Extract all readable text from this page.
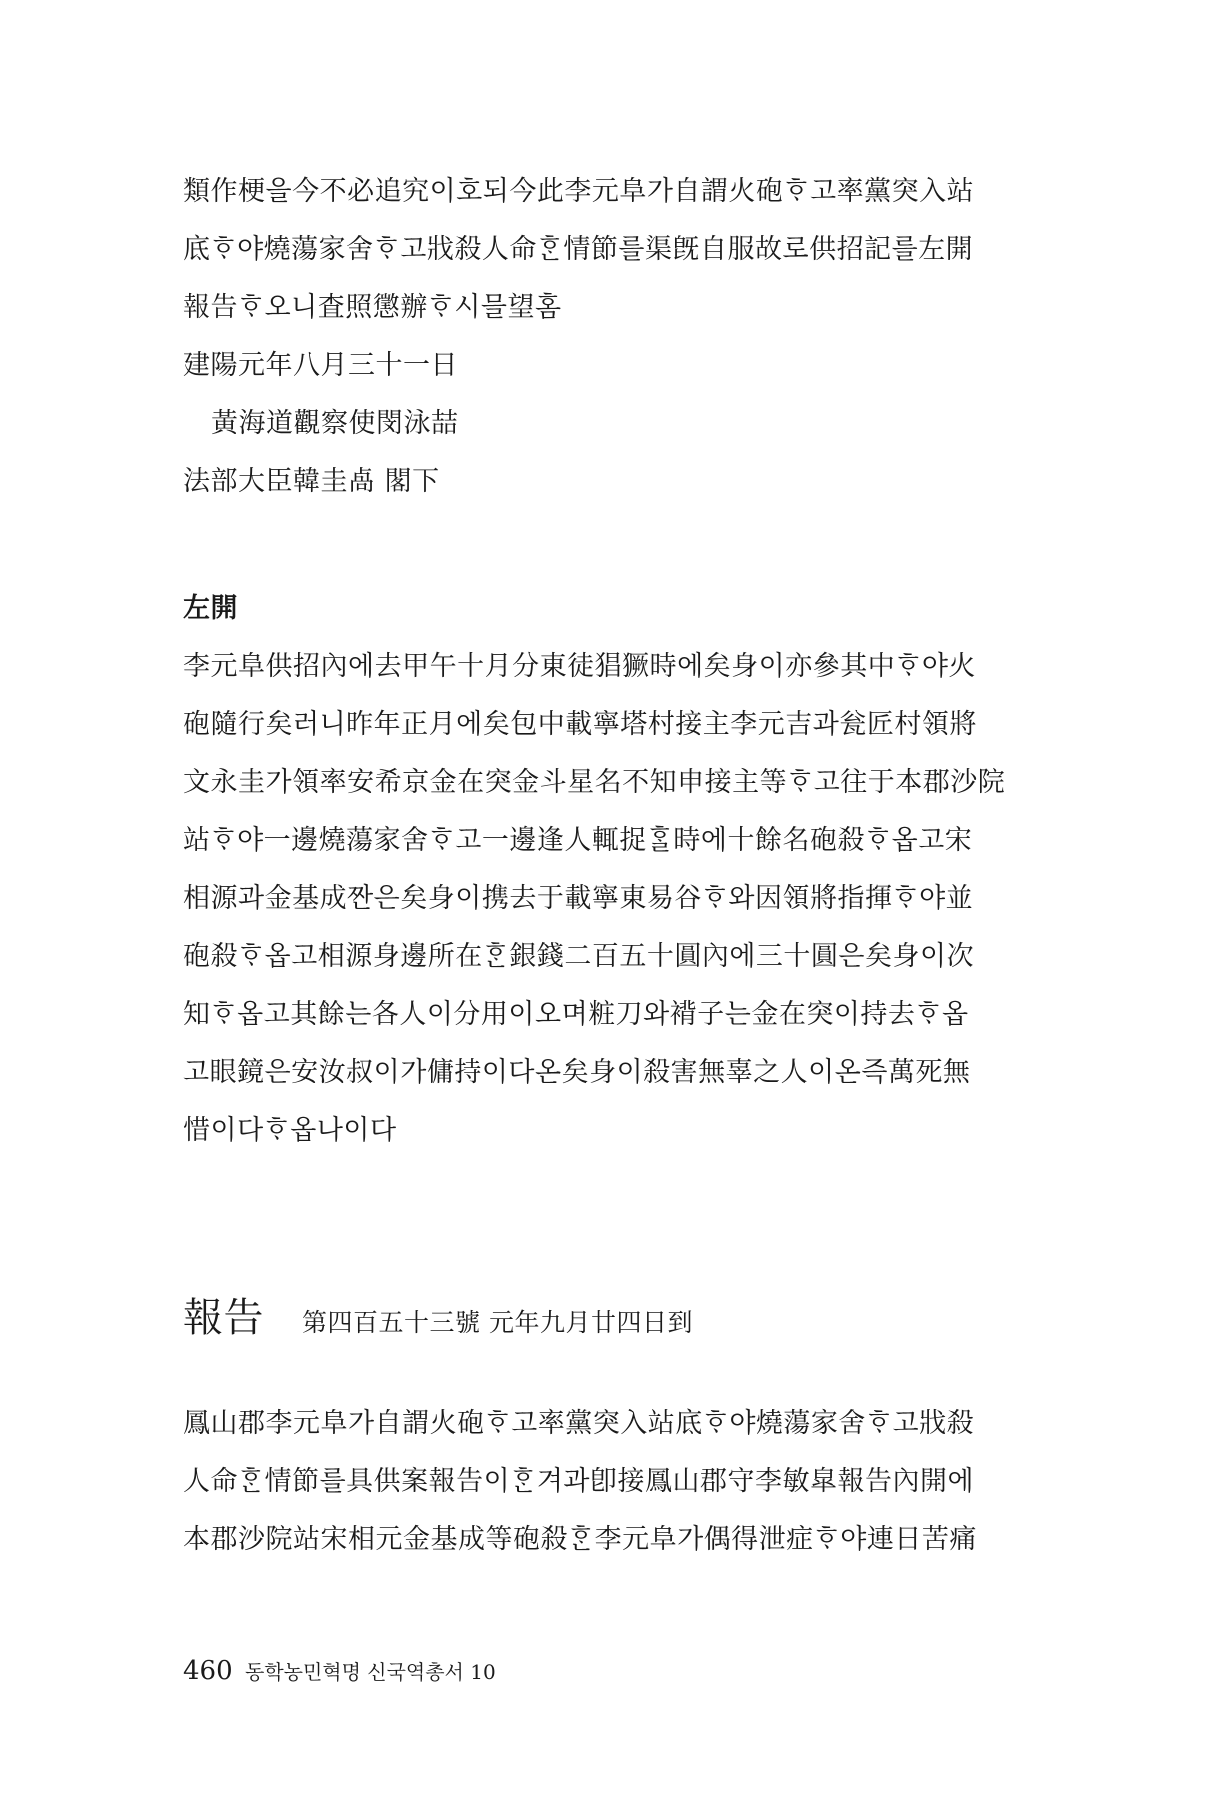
類作梗을今不必追究이호되今此李元阜가自謂火砲ᄒᆞ고率黨突入站
底ᄒᆞ야燒蕩家舍ᄒᆞ고戕殺人命ᄒᆞᆫ情節를渠旣自服故로供招記를左開
報告ᄒᆞ오니査照懲辦ᄒᆞ시믈望홈
建陽元年八月三十一日
黃海道觀察使閔泳喆
法部大臣韓圭卨 閣下
左開
李元阜供招內에去甲午十月分東徒猖獗時에矣身이亦參其中ᄒᆞ야火
砲隨行矣러니昨年正月에矣包中載寧塔村接主李元吉과瓮匠村領將
文永圭가領率安希京金在突金斗星名不知申接主等ᄒᆞ고往于本郡沙院
站ᄒᆞ야一邊燒蕩家舍ᄒᆞ고一邊逢人輒捉ᄒᆞᆯ時에十餘名砲殺ᄒᆞ옵고宋
相源과金基成짠은矣身이携去于載寧東易谷ᄒᆞ와因領將指揮ᄒᆞ야並
砲殺ᄒᆞ옵고相源身邊所在ᄒᆞᆫ銀錢二百五十圓內에三十圓은矣身이次
知ᄒᆞ옵고其餘는各人이分用이오며粧刀와褙子는金在突이持去ᄒᆞ옵
고眼鏡은安汝叔이가傭持이다온矣身이殺害無辜之人이온즉萬死無
惜이다ᄒᆞ옵나이다
報告 第四百五十三號 元年九月廿四日到
鳳山郡李元阜가自謂火砲ᄒᆞ고率黨突入站底ᄒᆞ야燒蕩家舍ᄒᆞ고戕殺
人命ᄒᆞᆫ情節를具供案報告이ᄒᆞᆫ겨과卽接鳳山郡守李敏皐報告內開에
本郡沙院站宋相元金基成等砲殺ᄒᆞᆫ李元阜가偶得泄症ᄒᆞ야連日苦痛
460 동학농민혁명 신국역총서 10
